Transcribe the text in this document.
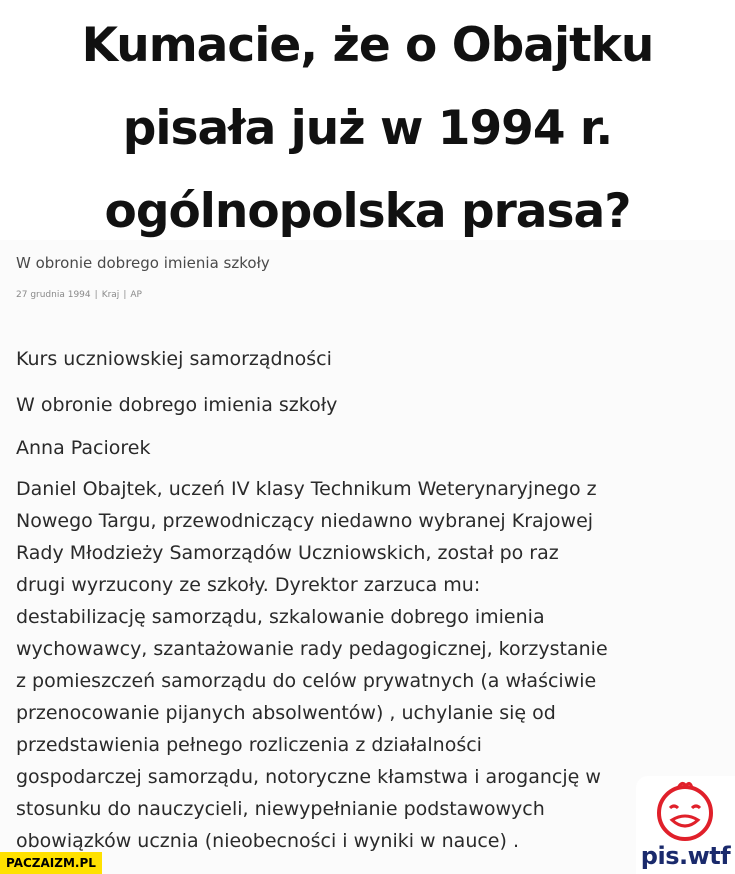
Kumacie, że o Obajtku
pisała już w 1994 r.
ogólnopolska prasa?
W obronie dobrego imienia szkoły
27 grudnia 1994 | Kraj | AP
Kurs uczniowskiej samorządności
W obronie dobrego imienia szkoły
Anna Paciorek
Daniel Obajtek, uczeń IV klasy Technikum Weterynaryjnego z
Nowego Targu, przewodniczący niedawno wybranej Krajowej
Rady Młodzieży Samorządów Uczniowskich, został po raz
drugi wyrzucony ze szkoły. Dyrektor zarzuca mu:
destabilizację samorządu, szkalowanie dobrego imienia
wychowawcy, szantażowanie rady pedagogicznej, korzystanie
z pomieszczeń samorządu do celów prywatnych (a właściwie
przenocowanie pijanych absolwentów) , uchylanie się od
przedstawienia pełnego rozliczenia z działalności
gospodarczej samorządu, notoryczne kłamstwa i arogancję w
stosunku do nauczycieli, niewypełnianie podstawowych
obowiązków ucznia (nieobecności i wyniki w nauce) .
PACZAIZM.PL	pis.wtf
